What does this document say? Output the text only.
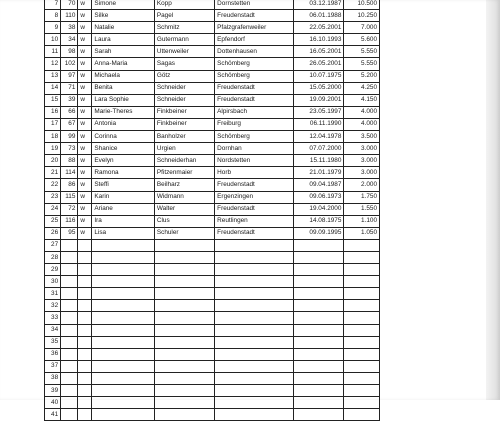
7	70	w	Simone	Kopp	Dornstetten	03.12.1987	10.500
8	110	w	Silke	Pagel	Freudenstadt	06.01.1988	10.250
9	38	w	Natalie	Schmitz	Pfalzgrafenweiler	22.05.2001	7.000
10	34	w	Laura	Gutermann	Epfendorf	16.10.1993	5.600
11	98	w	Sarah	Uttenweiler	Dottenhausen	16.05.2001	5.550
12	102	w	Anna-Maria	Sagas	Schömberg	26.05.2001	5.550
13	97	w	Michaela	Götz	Schömberg	10.07.1975	5.200
14	71	w	Benita	Schneider	Freudenstadt	15.05.2000	4.250
15	39	w	Lara Sophie	Schneider	Freudenstadt	19.09.2001	4.150
16	66	w	Marie-Theres	Finkbeiner	Alpirsbach	23.05.1997	4.000
17	67	w	Antonia	Finkbeiner	Freiburg	06.11.1990	4.000
18	99	w	Corinna	Banholzer	Schömberg	12.04.1978	3.500
19	73	w	Shanice	Urgien	Dornhan	07.07.2000	3.000
20	88	w	Evelyn	Schneiderhan	Nordstetten	15.11.1980	3.000
21	114	w	Ramona	Pfitzenmaier	Horb	21.01.1979	3.000
22	86	w	Steffi	Beilharz	Freudenstadt	09.04.1987	2.000
23	115	w	Karin	Widmann	Ergenzingen	09.06.1973	1.750
24	72	w	Ariane	Walter	Freudenstadt	19.04.2000	1.550
25	116	w	Ira	Clus	Reutlingen	14.08.1975	1.100
26	95	w	Lisa	Schuler	Freudenstadt	09.09.1995	1.050
27							
28							
29							
30							
31							
32							
33							
34							
35							
36							
37							
38							
39							
40							
41							
